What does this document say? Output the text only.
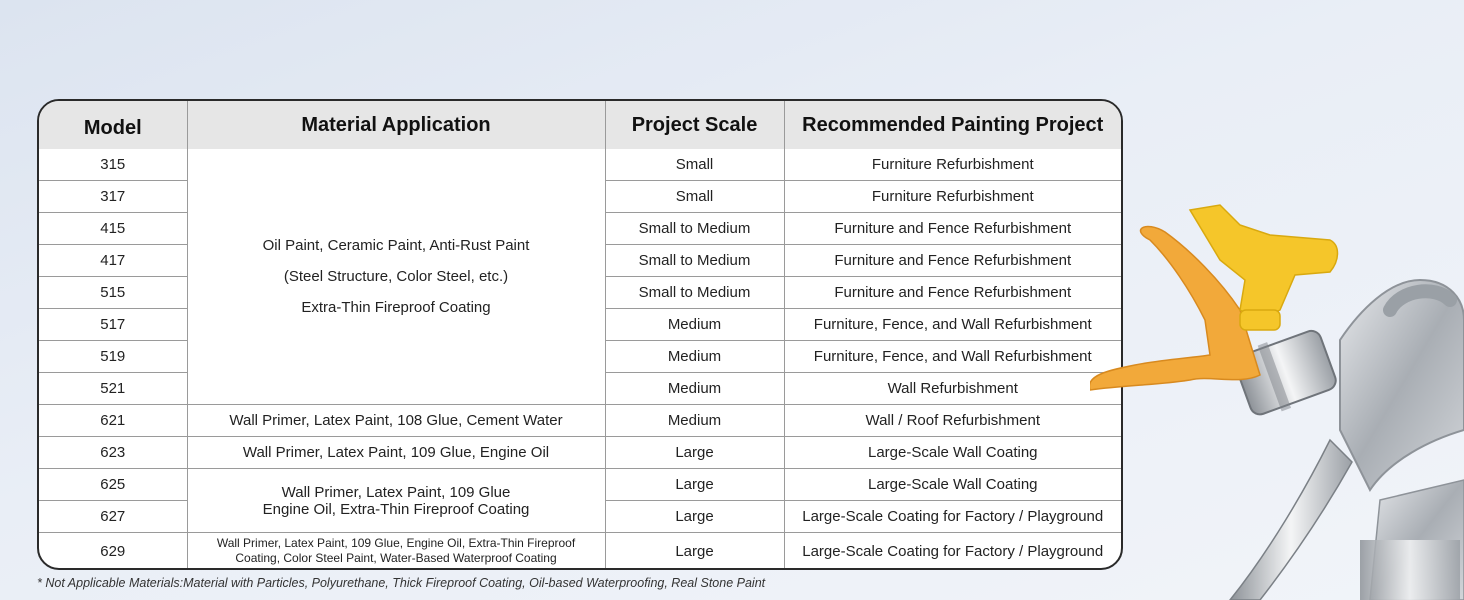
Model	Material Application	Project Scale	Recommended Painting Project
315	Oil Paint, Ceramic Paint, Anti-Rust Paint
(Steel Structure, Color Steel, etc.)
Extra-Thin Fireproof Coating	Small	Furniture Refurbishment
317		Small	Furniture Refurbishment
415		Small to Medium	Furniture and Fence Refurbishment
417		Small to Medium	Furniture and Fence Refurbishment
515		Small to Medium	Furniture and Fence Refurbishment
517		Medium	Furniture, Fence, and Wall Refurbishment
519		Medium	Furniture, Fence, and Wall Refurbishment
521		Medium	Wall Refurbishment
621	Wall Primer, Latex Paint, 108 Glue, Cement Water	Medium	Wall / Roof Refurbishment
623	Wall Primer, Latex Paint, 109 Glue, Engine Oil	Large	Large-Scale Wall Coating
625	Wall Primer, Latex Paint, 109 Glue
Engine Oil, Extra-Thin Fireproof Coating	Large	Large-Scale Wall Coating
627		Large	Large-Scale Coating for Factory / Playground
629	Wall Primer, Latex Paint, 109 Glue, Engine Oil, Extra-Thin Fireproof
Coating, Color Steel Paint, Water-Based Waterproof Coating	Large	Large-Scale Coating for Factory / Playground
* Not Applicable Materials:Material with Particles, Polyurethane, Thick Fireproof Coating, Oil-based Waterproofing, Real Stone Paint
